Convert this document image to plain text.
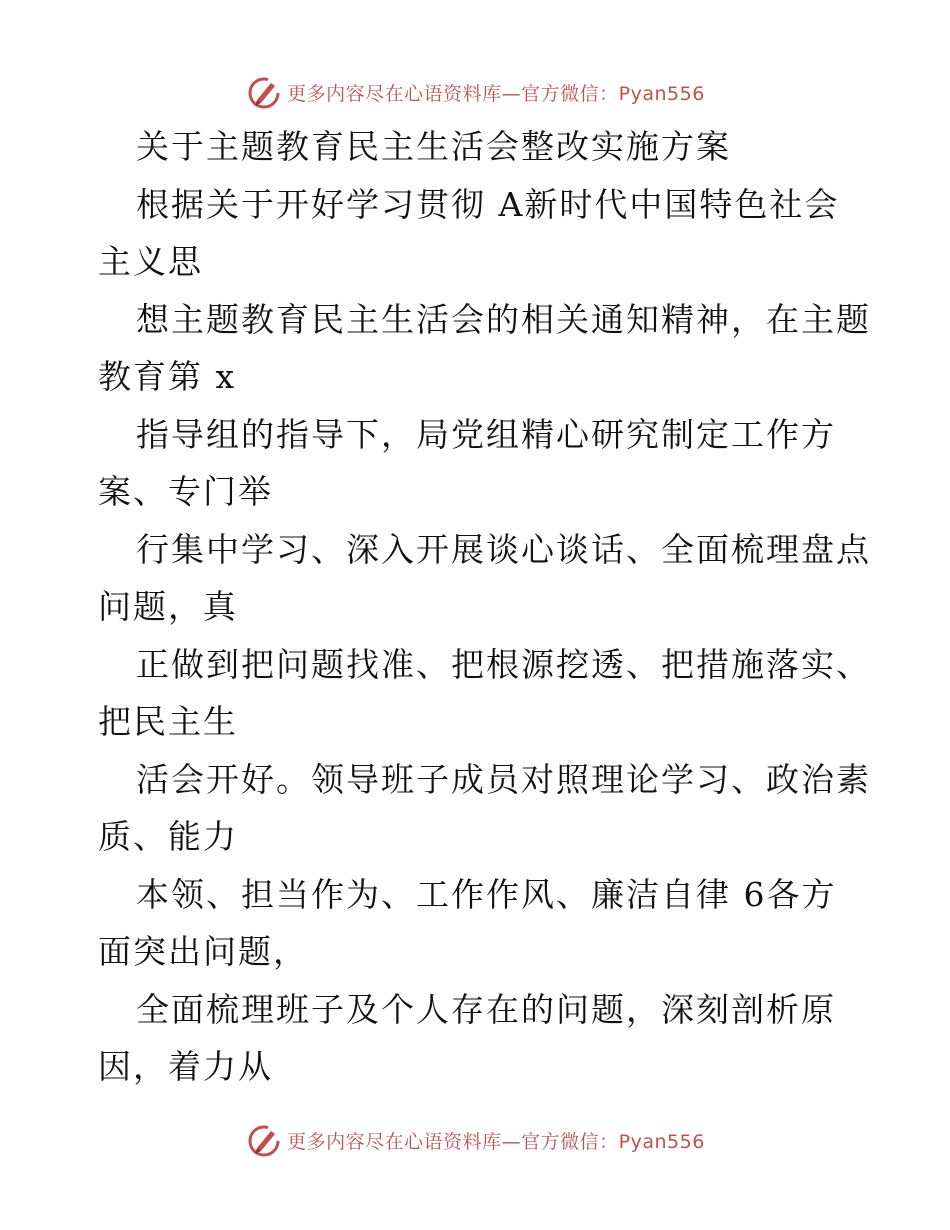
更多内容尽在心语资料库—官方微信：Pyan556
关于主题教育民主生活会整改实施方案
根据关于开好学习贯彻 A新时代中国特色社会
主义思
想主题教育民主生活会的相关通知精神，在主题
教育第 x
指导组的指导下，局党组精心研究制定工作方
案、专门举
行集中学习、深入开展谈心谈话、全面梳理盘点
问题，真
正做到把问题找准、把根源挖透、把措施落实、
把民主生
活会开好。领导班子成员对照理论学习、政治素
质、能力
本领、担当作为、工作作风、廉洁自律 6各方
面突出问题，
全面梳理班子及个人存在的问题，深刻剖析原
因，着力从
更多内容尽在心语资料库—官方微信：Pyan556
